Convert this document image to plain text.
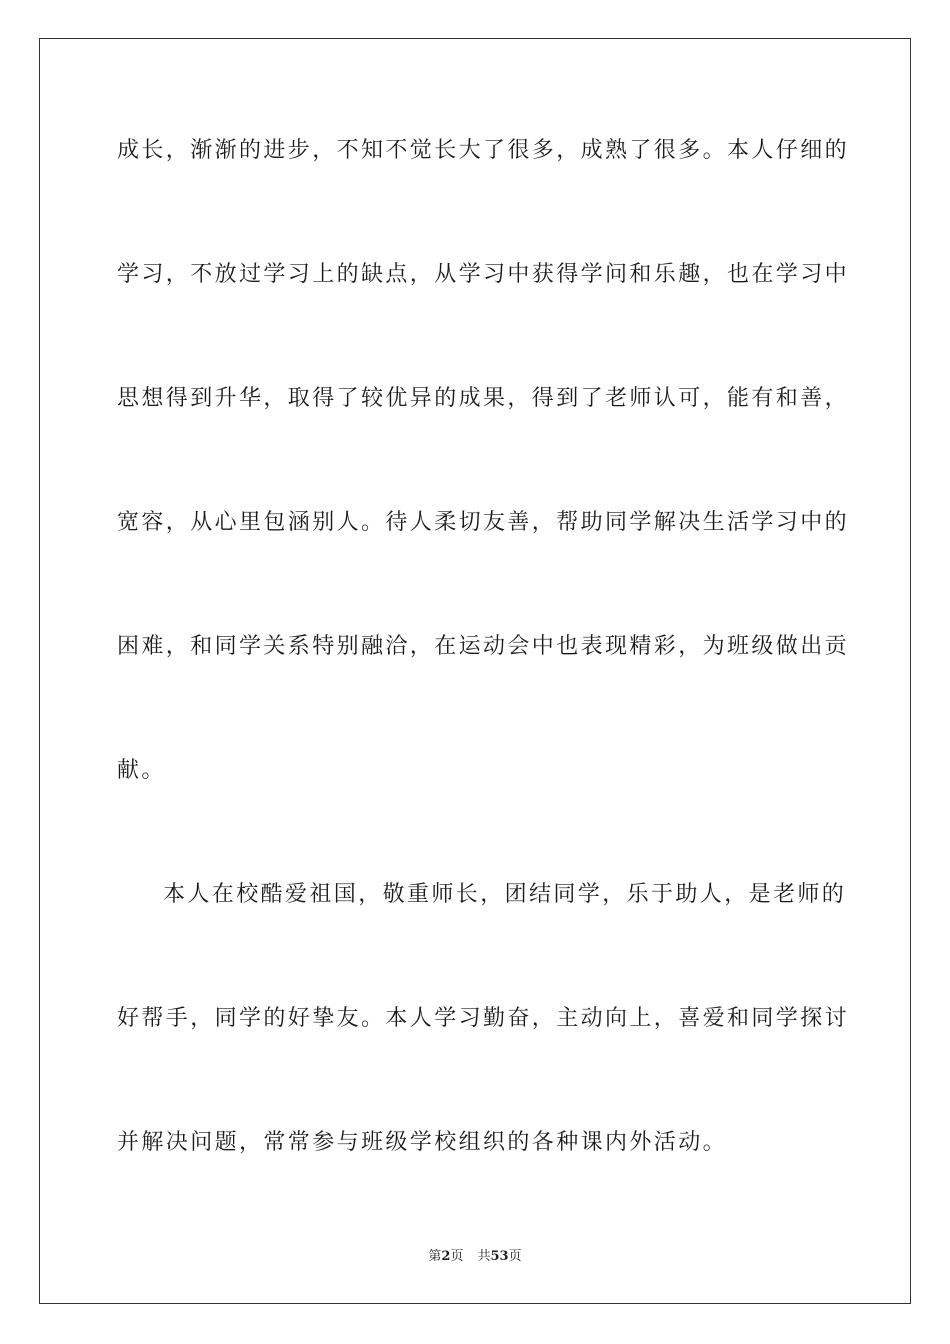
成长，渐渐的进步，不知不觉长大了很多，成熟了很多。本人仔细的
学习，不放过学习上的缺点，从学习中获得学问和乐趣，也在学习中
思想得到升华，取得了较优异的成果，得到了老师认可，能有和善，
宽容，从心里包涵别人。待人柔切友善，帮助同学解决生活学习中的
困难，和同学关系特别融洽，在运动会中也表现精彩，为班级做出贡
献。
本人在校酷爱祖国，敬重师长，团结同学，乐于助人，是老师的
好帮手，同学的好挚友。本人学习勤奋，主动向上，喜爱和同学探讨
并解决问题，常常参与班级学校组织的各种课内外活动。
第2页 共53页
